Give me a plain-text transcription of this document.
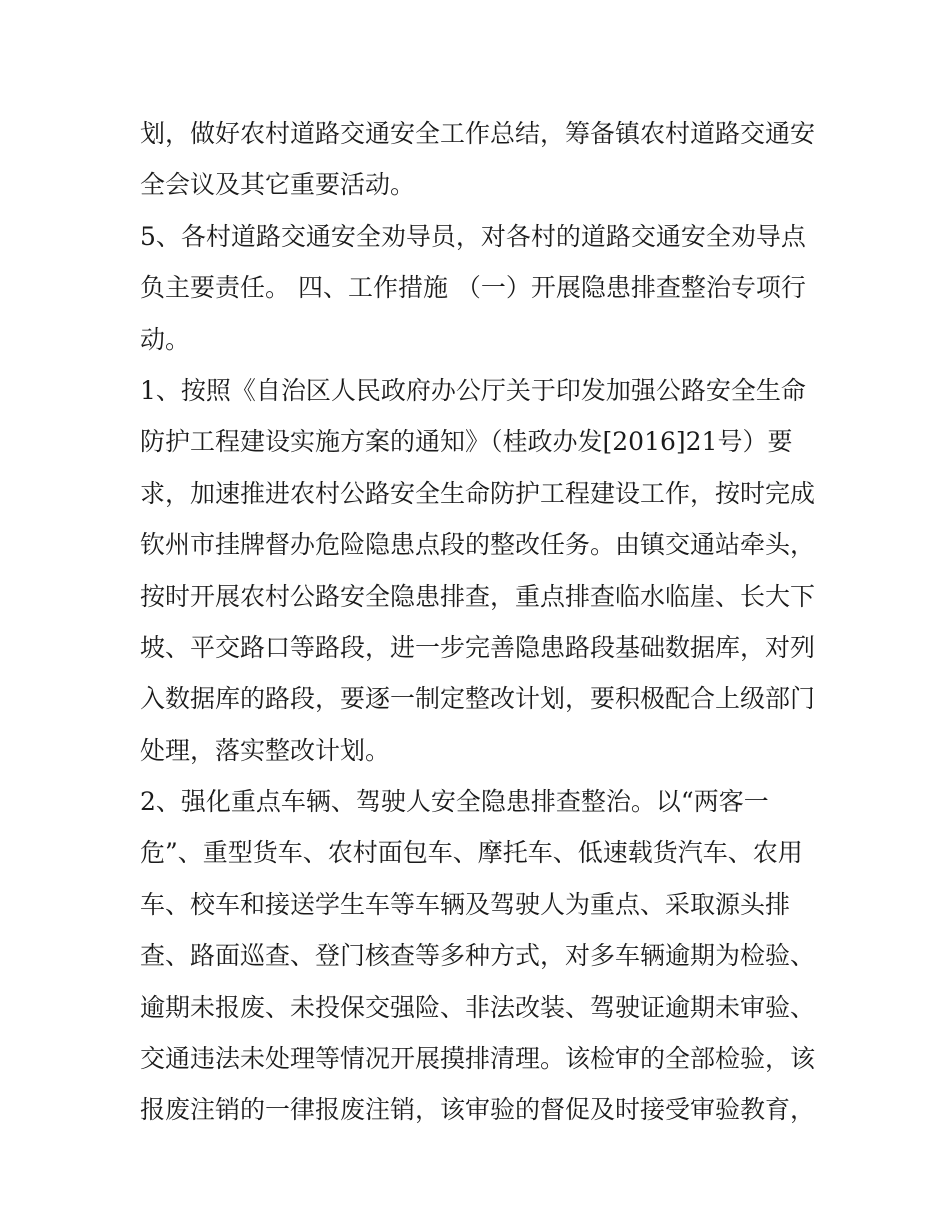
划，做好农村道路交通安全工作总结，筹备镇农村道路交通安
全会议及其它重要活动。
5、各村道路交通安全劝导员，对各村的道路交通安全劝导点
负主要责任。 四、工作措施 （一）开展隐患排查整治专项行
动。
1、按照《自治区人民政府办公厅关于印发加强公路安全生命
防护工程建设实施方案的通知》（桂政办发[2016]21号）要
求，加速推进农村公路安全生命防护工程建设工作，按时完成
钦州市挂牌督办危险隐患点段的整改任务。由镇交通站牵头，
按时开展农村公路安全隐患排查，重点排查临水临崖、长大下
坡、平交路口等路段，进一步完善隐患路段基础数据库，对列
入数据库的路段，要逐一制定整改计划，要积极配合上级部门
处理，落实整改计划。
2、强化重点车辆、驾驶人安全隐患排查整治。以“两客一
危”、重型货车、农村面包车、摩托车、低速载货汽车、农用
车、校车和接送学生车等车辆及驾驶人为重点、采取源头排
查、路面巡查、登门核查等多种方式，对多车辆逾期为检验、
逾期未报废、未投保交强险、非法改装、驾驶证逾期未审验、
交通违法未处理等情况开展摸排清理。该检审的全部检验，该
报废注销的一律报废注销，该审验的督促及时接受审验教育，
